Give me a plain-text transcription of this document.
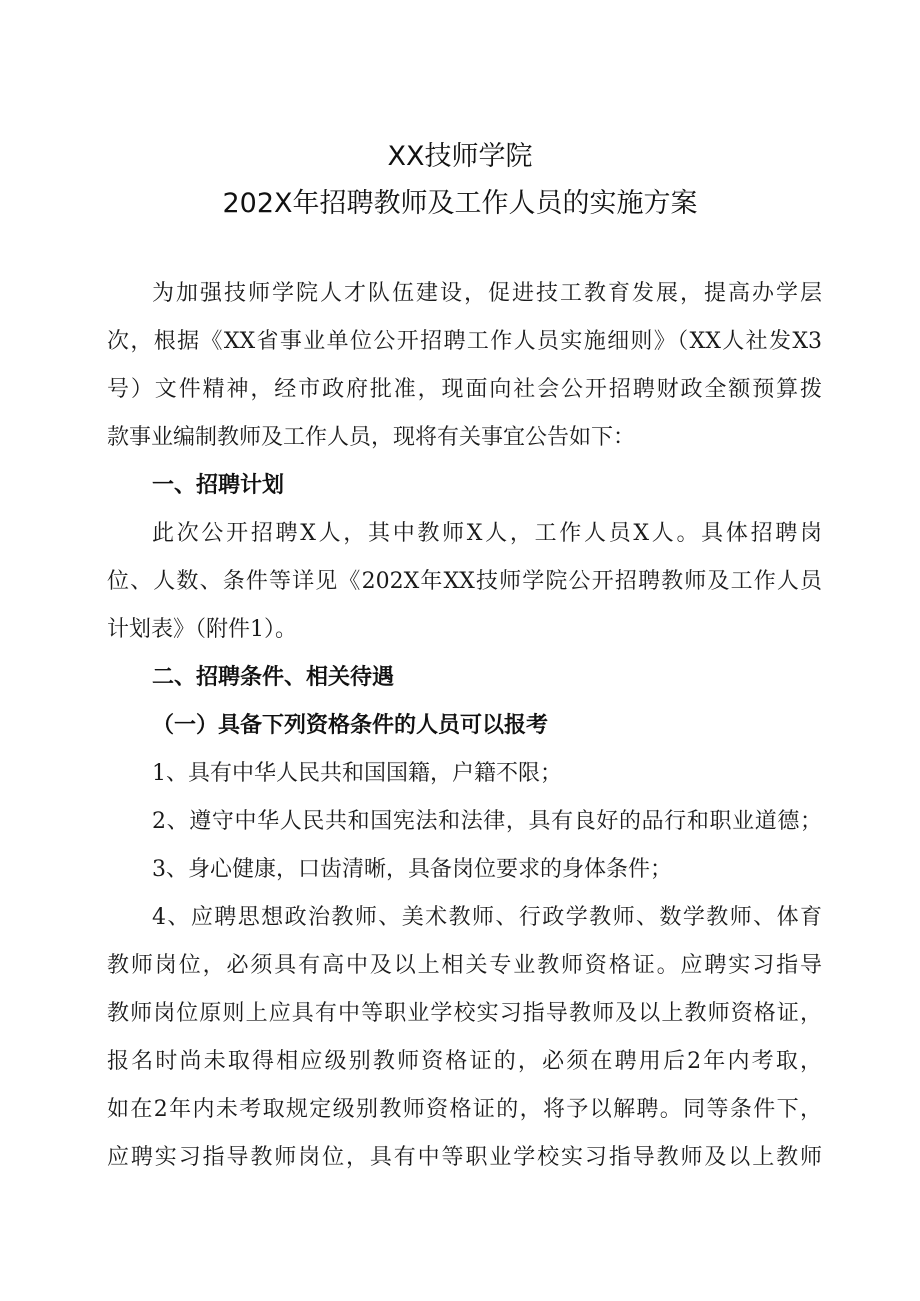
XX技师学院
202X年招聘教师及工作人员的实施方案
为加强技师学院人才队伍建设，促进技工教育发展，提高办学层
次，根据《XX省事业单位公开招聘工作人员实施细则》（XX人社发X3
号）文件精神，经市政府批准，现面向社会公开招聘财政全额预算拨
款事业编制教师及工作人员，现将有关事宜公告如下：
一、招聘计划
此次公开招聘X人，其中教师X人，工作人员X人。具体招聘岗
位、人数、条件等详见《202X年XX技师学院公开招聘教师及工作人员
计划表》（附件1）。
二、招聘条件、相关待遇
（一）具备下列资格条件的人员可以报考
1、具有中华人民共和国国籍，户籍不限；
2、遵守中华人民共和国宪法和法律，具有良好的品行和职业道德；
3、身心健康，口齿清晰，具备岗位要求的身体条件；
4、应聘思想政治教师、美术教师、行政学教师、数学教师、体育
教师岗位，必须具有高中及以上相关专业教师资格证。应聘实习指导
教师岗位原则上应具有中等职业学校实习指导教师及以上教师资格证，
报名时尚未取得相应级别教师资格证的，必须在聘用后2年内考取，
如在2年内未考取规定级别教师资格证的，将予以解聘。同等条件下，
应聘实习指导教师岗位，具有中等职业学校实习指导教师及以上教师
